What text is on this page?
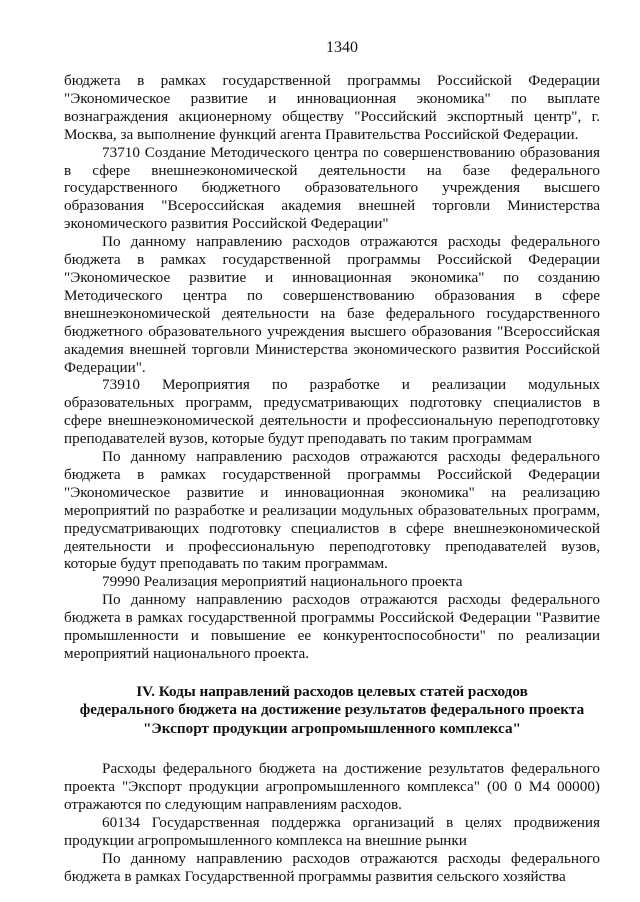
1340

бюджета в рамках государственной программы Российской Федерации "Экономическое развитие и инновационная экономика" по выплате вознаграждения акционерному обществу "Российский экспортный центр", г. Москва, за выполнение функций агента Правительства Российской Федерации.

73710 Создание Методического центра по совершенствованию образования в сфере внешнеэкономической деятельности на базе федерального государственного бюджетного образовательного учреждения высшего образования "Всероссийская академия внешней торговли Министерства экономического развития Российской Федерации"

По данному направлению расходов отражаются расходы федерального бюджета в рамках государственной программы Российской Федерации "Экономическое развитие и инновационная экономика" по созданию Методического центра по совершенствованию образования в сфере внешнеэкономической деятельности на базе федерального государственного бюджетного образовательного учреждения высшего образования "Всероссийская академия внешней торговли Министерства экономического развития Российской Федерации".

73910 Мероприятия по разработке и реализации модульных образовательных программ, предусматривающих подготовку специалистов в сфере внешнеэкономической деятельности и профессиональную переподготовку преподавателей вузов, которые будут преподавать по таким программам

По данному направлению расходов отражаются расходы федерального бюджета в рамках государственной программы Российской Федерации "Экономическое развитие и инновационная экономика" на реализацию мероприятий по разработке и реализации модульных образовательных программ, предусматривающих подготовку специалистов в сфере внешнеэкономической деятельности и профессиональную переподготовку преподавателей вузов, которые будут преподавать по таким программам.

79990 Реализация мероприятий национального проекта

По данному направлению расходов отражаются расходы федерального бюджета в рамках государственной программы Российской Федерации "Развитие промышленности и повышение ее конкурентоспособности" по реализации мероприятий национального проекта.

IV. Коды направлений расходов целевых статей расходов
федерального бюджета на достижение результатов федерального проекта
"Экспорт продукции агропромышленного комплекса"

Расходы федерального бюджета на достижение результатов федерального проекта "Экспорт продукции агропромышленного комплекса" (00 0 М4 00000) отражаются по следующим направлениям расходов.

60134 Государственная поддержка организаций в целях продвижения продукции агропромышленного комплекса на внешние рынки

По данному направлению расходов отражаются расходы федерального бюджета в рамках Государственной программы развития сельского хозяйства
